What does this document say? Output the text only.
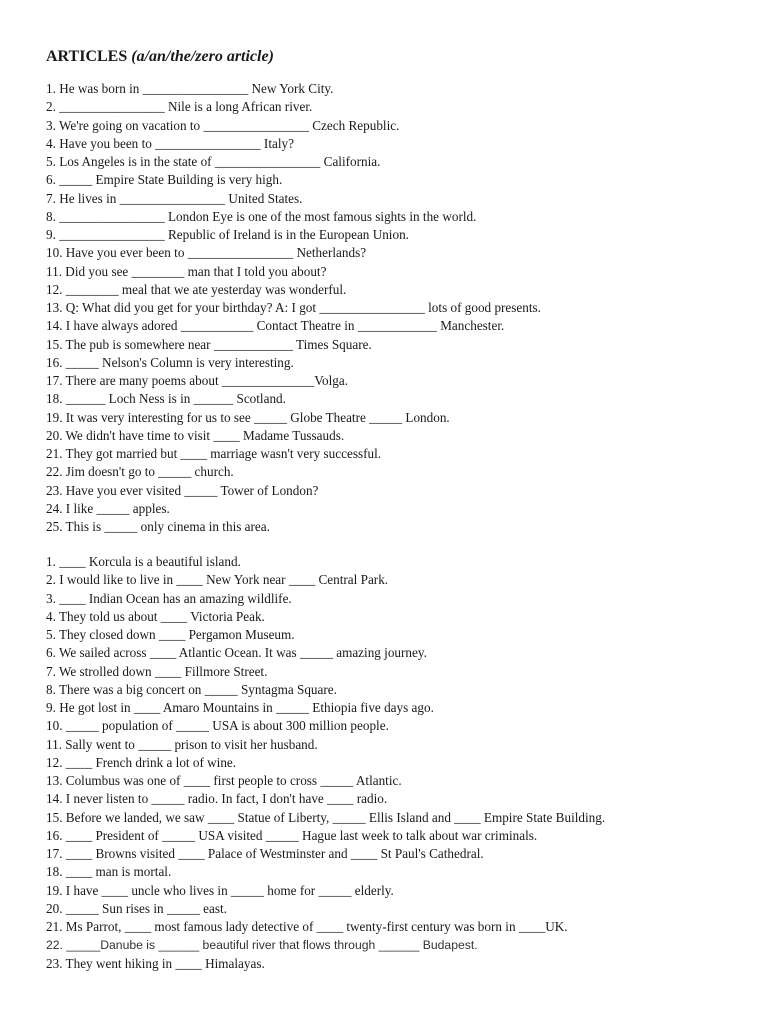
ARTICLES (a/an/the/zero article)
1. He was born in ________________ New York City.
2. ________________ Nile is a long African river.
3. We're going on vacation to ________________ Czech Republic.
4. Have you been to ________________ Italy?
5. Los Angeles is in the state of ________________ California.
6. _____ Empire State Building is very high.
7. He lives in ________________ United States.
8. ________________ London Eye is one of the most famous sights in the world.
9. ________________ Republic of Ireland is in the European Union.
10. Have you ever been to ________________ Netherlands?
11. Did you see ________ man that I told you about?
12. ________ meal that we ate yesterday was wonderful.
13. Q: What did you get for your birthday? A: I got ________________ lots of good presents.
14. I have always adored ___________ Contact Theatre in ____________ Manchester.
15. The pub is somewhere near ____________ Times Square.
16. _____ Nelson's Column is very interesting.
17. There are many poems about ______________Volga.
18. ______ Loch Ness is in ______ Scotland.
19. It was very interesting for us to see _____ Globe Theatre _____ London.
20. We didn't have time to visit ____ Madame Tussauds.
21. They got married but ____ marriage wasn't very successful.
22. Jim doesn't go to _____ church.
23. Have you ever visited _____ Tower of London?
24. I like _____ apples.
25. This is _____ only cinema in this area.
1. ____ Korcula is a beautiful island.
2. I would like to live in ____ New York near ____ Central Park.
3. ____ Indian Ocean has an amazing wildlife.
4. They told us about ____ Victoria Peak.
5. They closed down ____ Pergamon Museum.
6. We sailed across ____ Atlantic Ocean. It was _____ amazing journey.
7. We strolled down ____ Fillmore Street.
8. There was a big concert on _____ Syntagma Square.
9. He got lost in ____ Amaro Mountains in _____ Ethiopia five days ago.
10. _____ population of _____ USA is about 300 million people.
11. Sally went to _____ prison to visit her husband.
12. ____ French drink a lot of wine.
13. Columbus was one of ____ first people to cross _____ Atlantic.
14. I never listen to _____ radio. In fact, I don't have ____ radio.
15. Before we landed, we saw ____ Statue of Liberty, _____ Ellis Island and ____ Empire State Building.
16. ____ President of _____ USA visited _____ Hague last week to talk about war criminals.
17. ____ Browns visited ____ Palace of Westminster and ____ St Paul's Cathedral.
18. ____ man is mortal.
19. I have ____ uncle who lives in _____ home for _____ elderly.
20. _____ Sun rises in _____ east.
21. Ms Parrot, ____ most famous lady detective of ____ twenty-first century was born in ____UK.
22. _____Danube is ______ beautiful river that flows through ______ Budapest.
23. They went hiking in ____ Himalayas.
